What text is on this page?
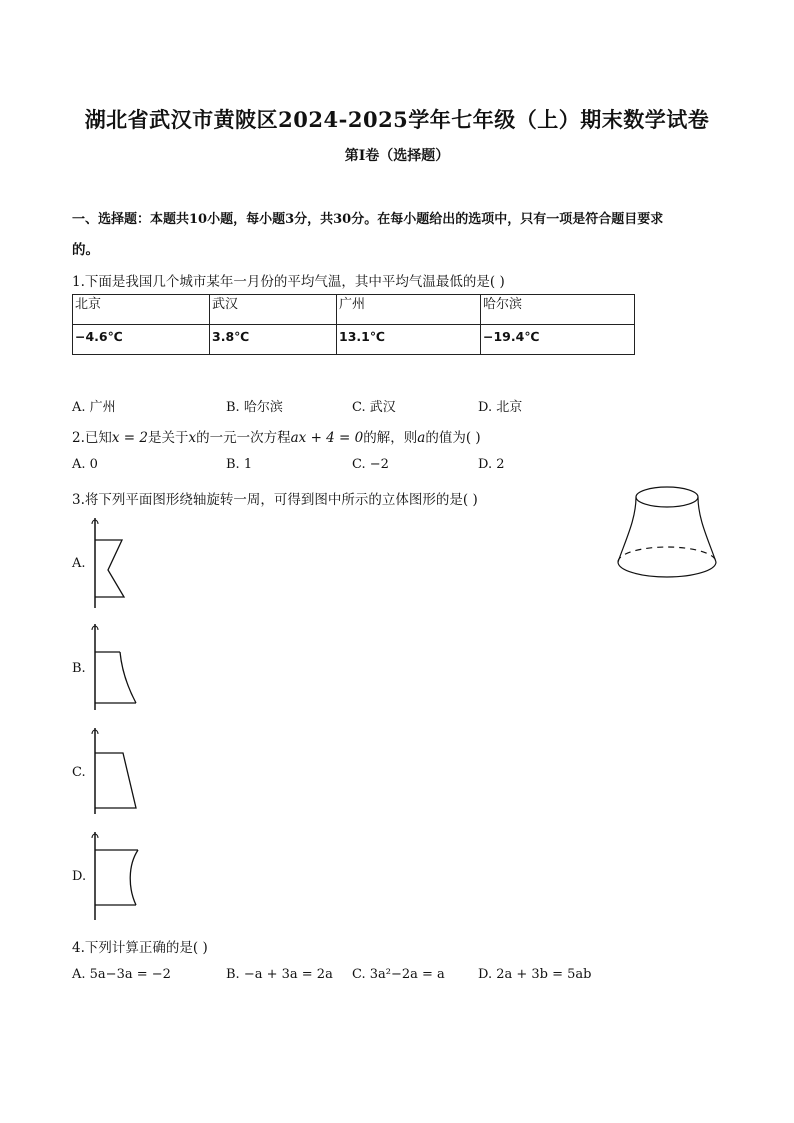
湖北省武汉市黄陂区2024-2025学年七年级（上）期末数学试卷
第I卷（选择题）
一、选择题：本题共10小题，每小题3分，共30分。在每小题给出的选项中，只有一项是符合题目要求
的。
1.下面是我国几个城市某年一月份的平均气温，其中平均气温最低的是( )
北京	武汉	广州	哈尔滨
−4.6℃	3.8℃	13.1℃	−19.4℃
A. 广州	B. 哈尔滨	C. 武汉	D. 北京
2.已知x = 2是关于x的一元一次方程ax + 4 = 0的解，则a的值为( )
A. 0	B. 1	C. −2	D. 2
3.将下列平面图形绕轴旋转一周，可得到图中所示的立体图形的是( )
A.
B.
C.
D.
4.下列计算正确的是( )
A. 5a−3a = −2	B. −a + 3a = 2a C. 3a²−2a = a	D. 2a + 3b = 5ab
